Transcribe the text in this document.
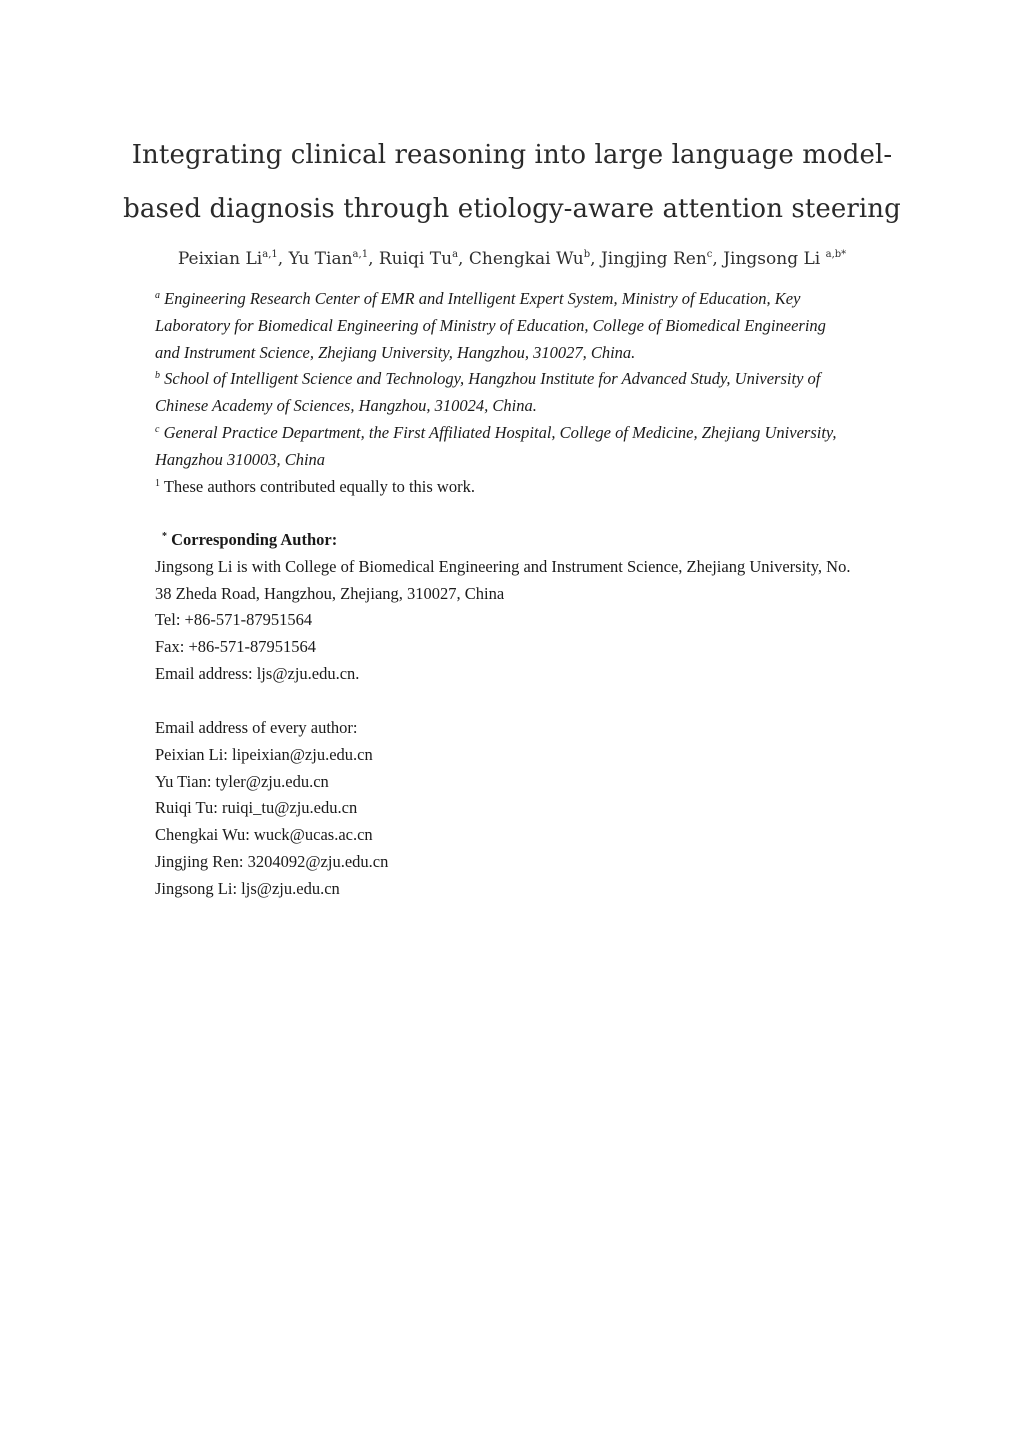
Integrating clinical reasoning into large language model-
based diagnosis through etiology-aware attention steering
Peixian Li$^{a,1}$, Yu Tian$^{a,1}$, Ruiqi Tu$^a$, Chengkai Wu$^b$, Jingjing Ren$^c$, Jingsong Li $^{a,b*}$
$^a$ Engineering Research Center of EMR and Intelligent Expert System, Ministry of Education, Key
Laboratory for Biomedical Engineering of Ministry of Education, College of Biomedical Engineering
and Instrument Science, Zhejiang University, Hangzhou, 310027, China.
$^b$ School of Intelligent Science and Technology, Hangzhou Institute for Advanced Study, University of
Chinese Academy of Sciences, Hangzhou, 310024, China.
$^c$ General Practice Department, the First Affiliated Hospital, College of Medicine, Zhejiang University,
Hangzhou 310003, China
$^1$ These authors contributed equally to this work.
* Corresponding Author:
Jingsong Li is with College of Biomedical Engineering and Instrument Science, Zhejiang University, No.
38 Zheda Road, Hangzhou, Zhejiang, 310027, China
Tel: +86-571-87951564
Fax: +86-571-87951564
Email address: ljs@zju.edu.cn.
Email address of every author:
Peixian Li: lipeixian@zju.edu.cn
Yu Tian: tyler@zju.edu.cn
Ruiqi Tu: ruiqi_tu@zju.edu.cn
Chengkai Wu: wuck@ucas.ac.cn
Jingjing Ren: 3204092@zju.edu.cn
Jingsong Li: ljs@zju.edu.cn
